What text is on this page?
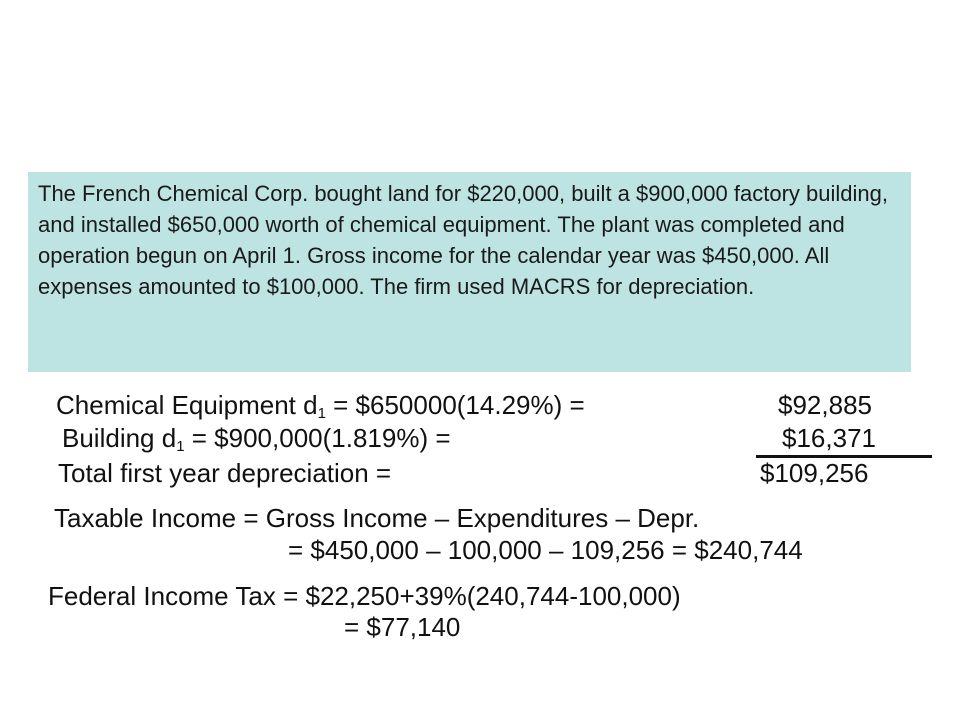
The French Chemical Corp. bought land for $220,000, built a $900,000 factory building, and installed $650,000 worth of chemical equipment. The plant was completed and operation begun on April 1. Gross income for the calendar year was $450,000. All expenses amounted to $100,000. The firm used MACRS for depreciation.

Chemical Equipment $d_1$ = $650000(14.29%) =	$92,885
Building $d_1$ = $900,000(1.819%) =	$16,371
Total first year depreciation =	$109,256
Taxable Income = Gross Income – Expenditures – Depr.
= $450,000 – 100,000 – 109,256 = $240,744
Federal Income Tax = $22,250+39%(240,744-100,000)
= $77,140
